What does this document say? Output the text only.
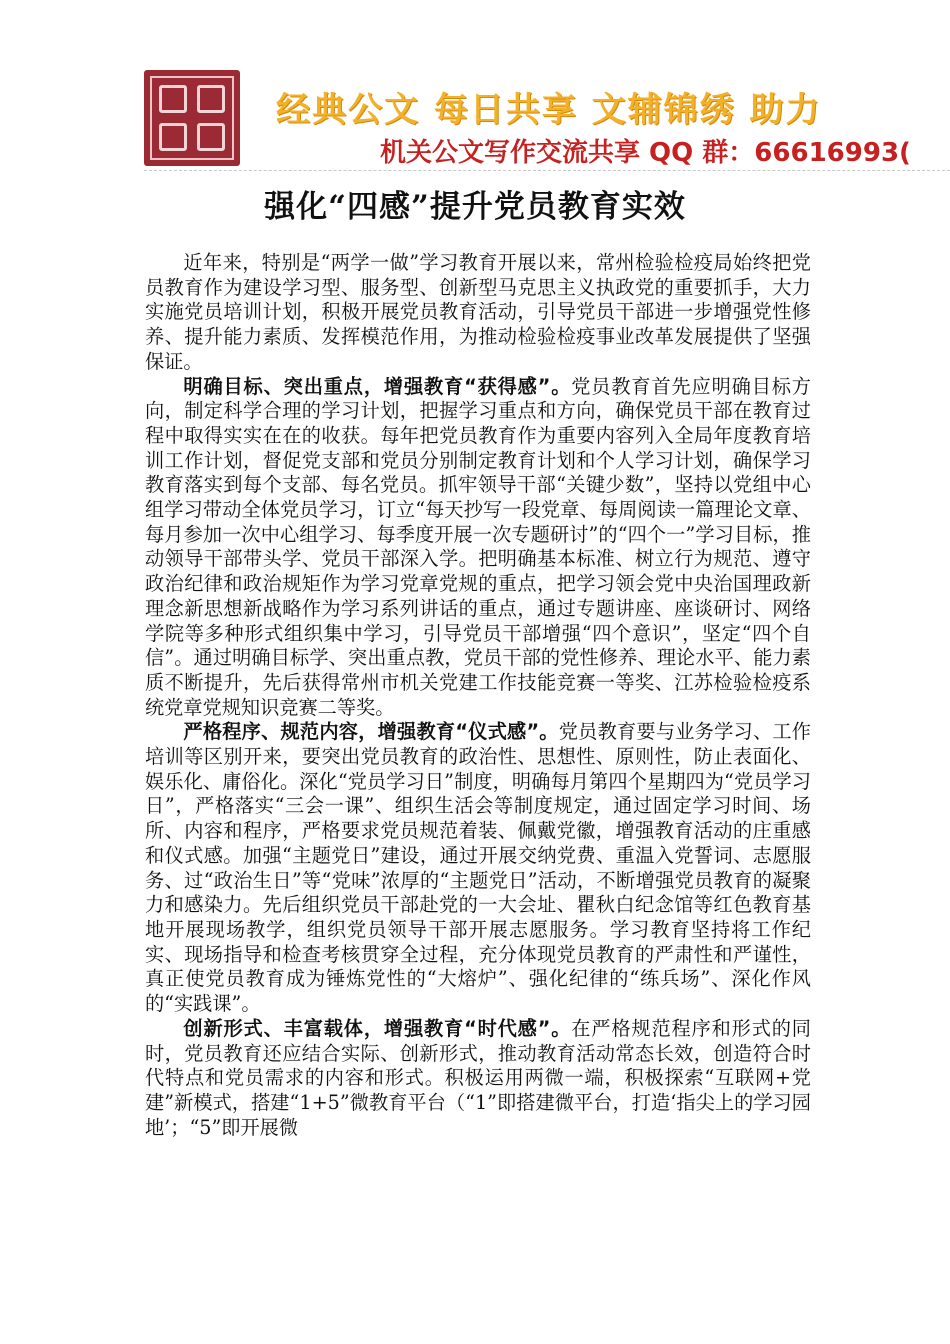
经典公文 每日共享 文辅锦绣 助力
机关公文写作交流共享 QQ 群：66616993(
强化“四感”提升党员教育实效

近年来，特别是“两学一做”学习教育开展以来，常州检验检疫局始终把党员教育作为建设学习型、服务型、创新型马克思主义执政党的重要抓手，大力实施党员培训计划，积极开展党员教育活动，引导党员干部进一步增强党性修养、提升能力素质、发挥模范作用，为推动检验检疫事业改革发展提供了坚强保证。

明确目标、突出重点，增强教育“获得感”。党员教育首先应明确目标方向，制定科学合理的学习计划，把握学习重点和方向，确保党员干部在教育过程中取得实实在在的收获。每年把党员教育作为重要内容列入全局年度教育培训工作计划，督促党支部和党员分别制定教育计划和个人学习计划，确保学习教育落实到每个支部、每名党员。抓牢领导干部“关键少数”，坚持以党组中心组学习带动全体党员学习，订立“每天抄写一段党章、每周阅读一篇理论文章、每月参加一次中心组学习、每季度开展一次专题研讨”的“四个一”学习目标，推动领导干部带头学、党员干部深入学。把明确基本标准、树立行为规范、遵守政治纪律和政治规矩作为学习党章党规的重点，把学习领会党中央治国理政新理念新思想新战略作为学习系列讲话的重点，通过专题讲座、座谈研讨、网络学院等多种形式组织集中学习，引导党员干部增强“四个意识”，坚定“四个自信”。通过明确目标学、突出重点教，党员干部的党性修养、理论水平、能力素质不断提升，先后获得常州市机关党建工作技能竞赛一等奖、江苏检验检疫系统党章党规知识竞赛二等奖。

严格程序、规范内容，增强教育“仪式感”。党员教育要与业务学习、工作培训等区别开来，要突出党员教育的政治性、思想性、原则性，防止表面化、娱乐化、庸俗化。深化“党员学习日”制度，明确每月第四个星期四为“党员学习日”，严格落实“三会一课”、组织生活会等制度规定，通过固定学习时间、场所、内容和程序，严格要求党员规范着装、佩戴党徽，增强教育活动的庄重感和仪式感。加强“主题党日”建设，通过开展交纳党费、重温入党誓词、志愿服务、过“政治生日”等“党味”浓厚的“主题党日”活动，不断增强党员教育的凝聚力和感染力。先后组织党员干部赴党的一大会址、瞿秋白纪念馆等红色教育基地开展现场教学，组织党员领导干部开展志愿服务。学习教育坚持将工作纪实、现场指导和检查考核贯穿全过程，充分体现党员教育的严肃性和严谨性，真正使党员教育成为锤炼党性的“大熔炉”、强化纪律的“练兵场”、深化作风的“实践课”。

创新形式、丰富载体，增强教育“时代感”。在严格规范程序和形式的同时，党员教育还应结合实际、创新形式，推动教育活动常态长效，创造符合时代特点和党员需求的内容和形式。积极运用两微一端，积极探索“互联网+党建”新模式，搭建“1+5”微教育平台（“1”即搭建微平台，打造‘指尖上的学习园地’；“5”即开展微
